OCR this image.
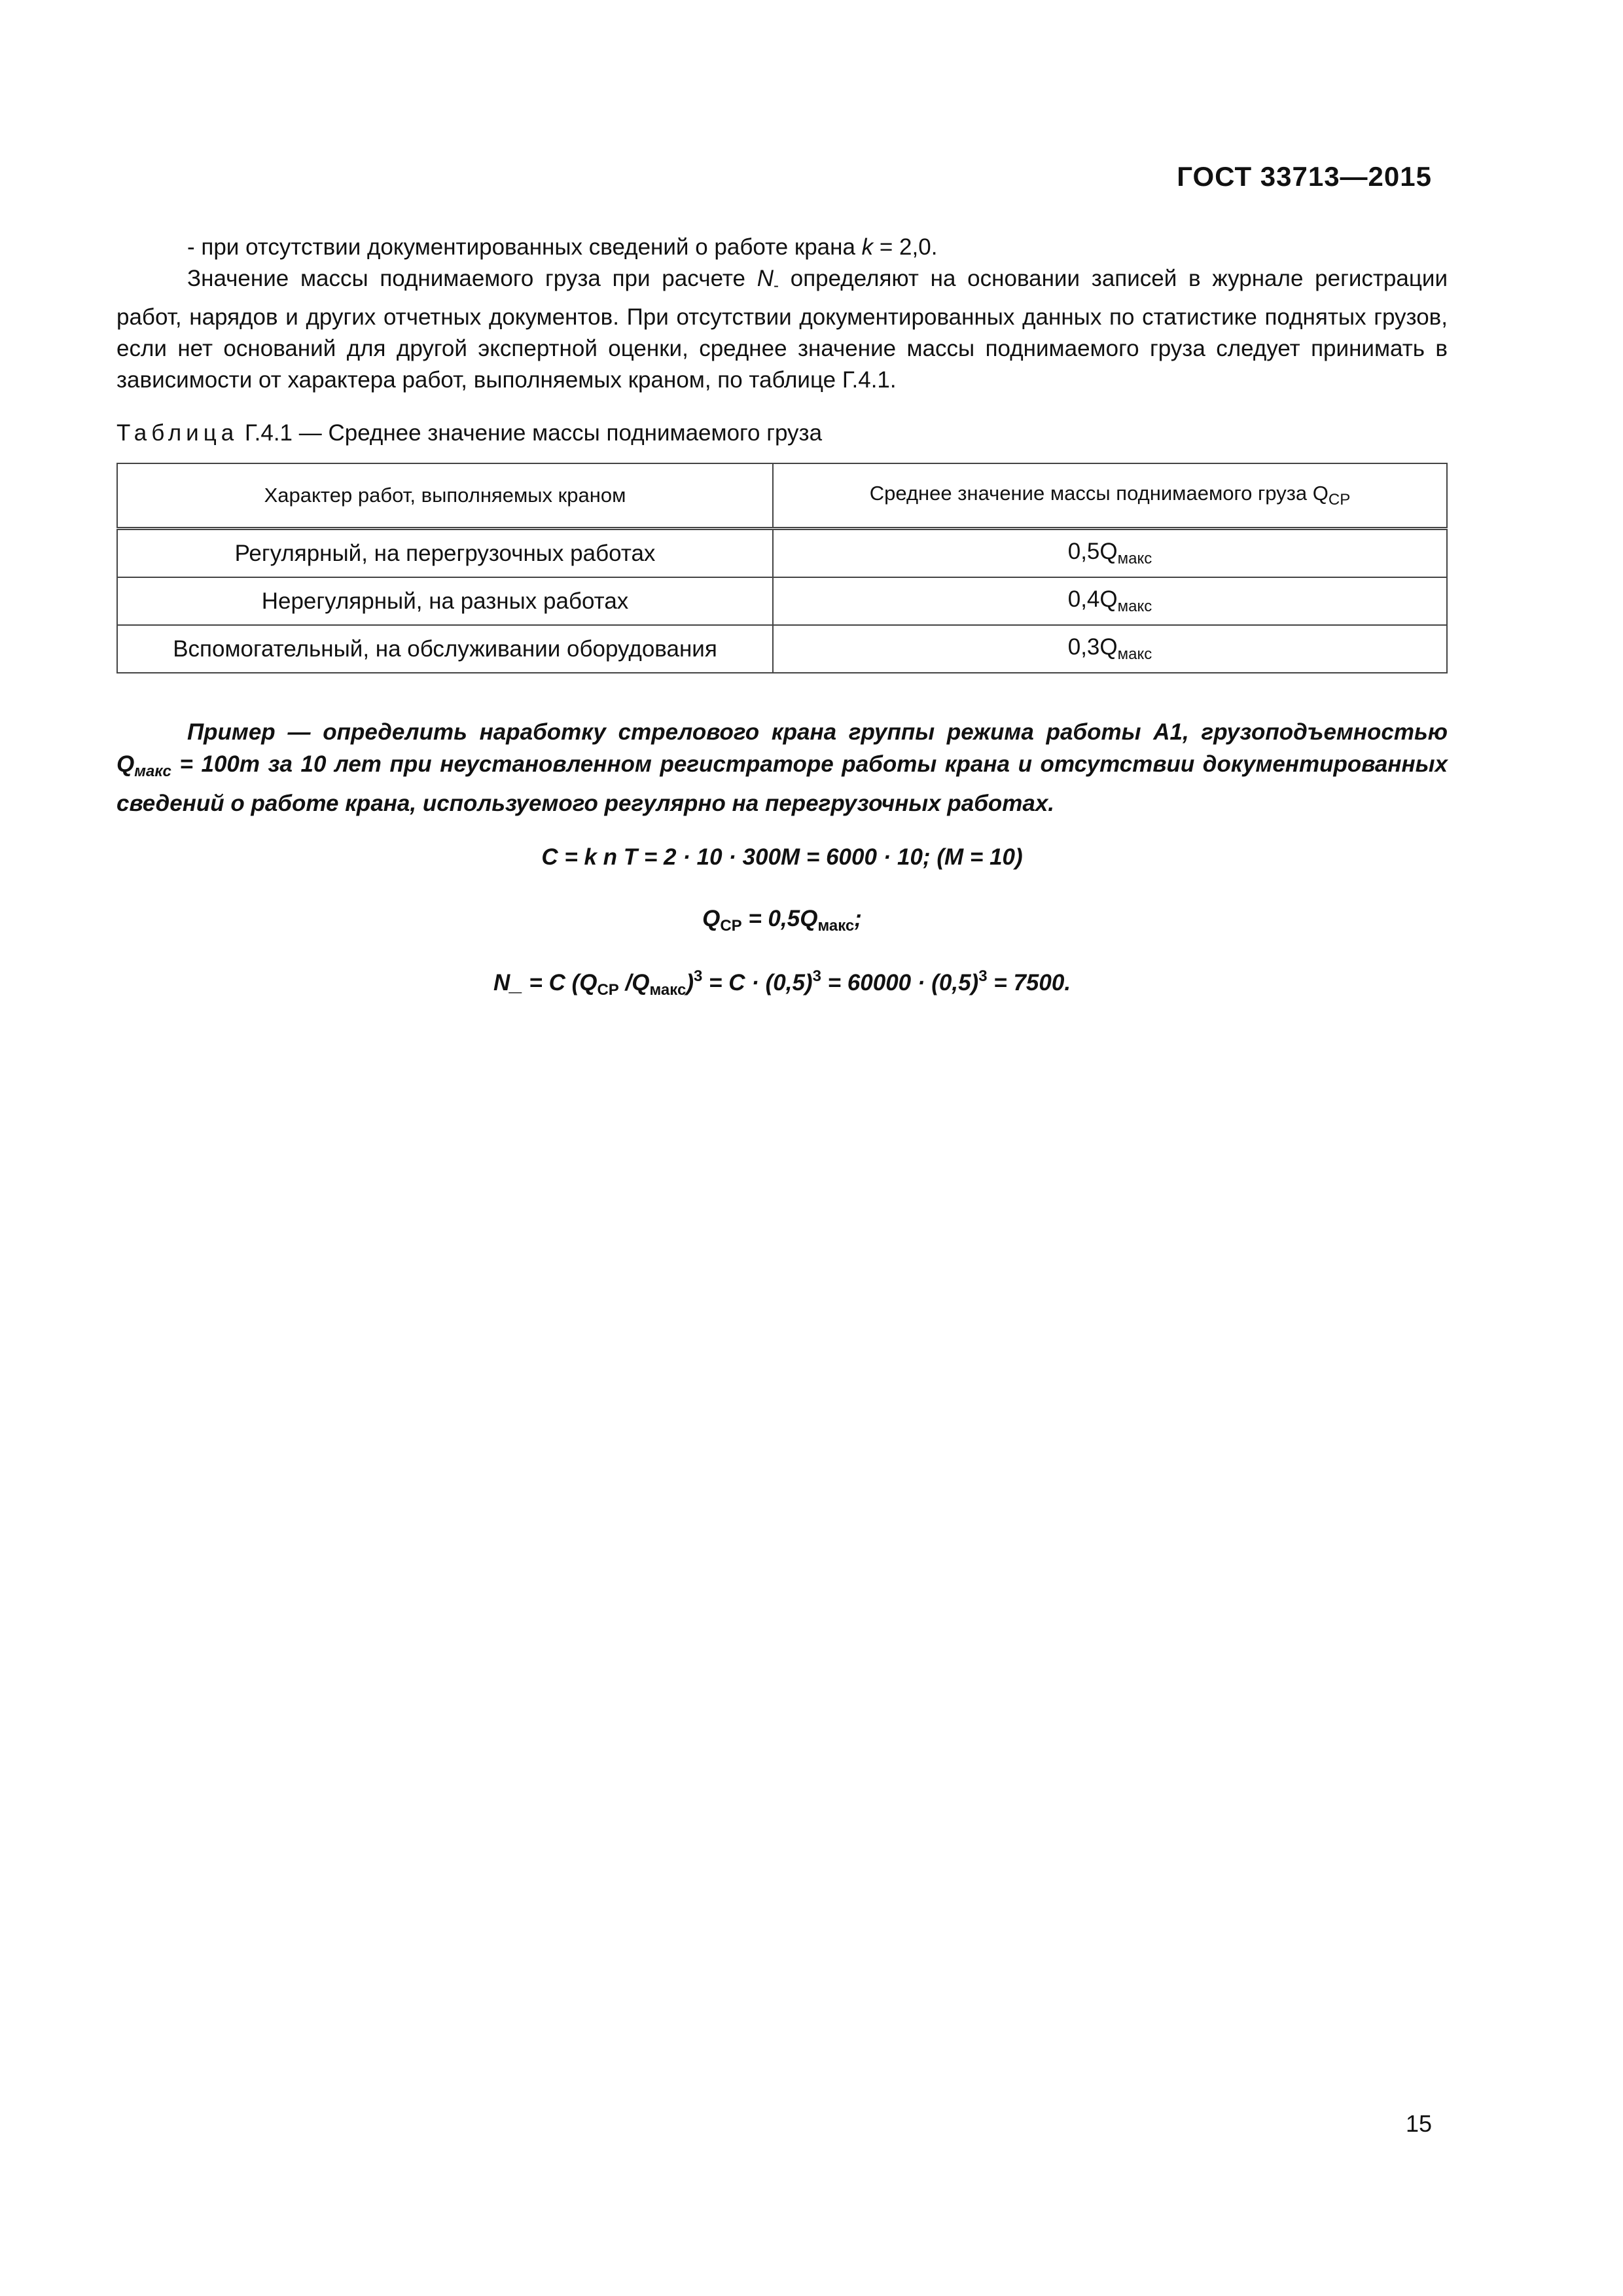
ГОСТ 33713—2015

- при отсутствии документированных сведений о работе крана k = 2,0.

Значение массы поднимаемого груза при расчете $N_-$ определяют на основании записей в журнале регистрации работ, нарядов и других отчетных документов. При отсутствии документированных данных по статистике поднятых грузов, если нет оснований для другой экспертной оценки, среднее значение массы поднимаемого груза следует принимать в зависимости от характера работ, выполняемых краном, по таблице Г.4.1.

Таблица Г.4.1 — Среднее значение массы поднимаемого груза
Характер работ, выполняемых краном	Среднее значение массы поднимаемого груза $Q_{СР}$
Регулярный, на перегрузочных работах	$0,5Q_{макс}$
Нерегулярный, на разных работах	$0,4Q_{макс}$
Вспомогательный, на обслуживании оборудования	$0,3Q_{макс}$
Пример — определить наработку стрелового крана группы режима работы А1, грузоподъемностью $Q_{макс} = 100т$ за 10 лет при неустановленном регистраторе работы крана и отсутствии документированных сведений о работе крана, используемого регулярно на перегрузочных работах.
C = k n T = 2 · 10 · 300M = 6000 · 10; (M = 10)
$Q_{СР} = 0,5Q_{макс}$;
N_ = C ($Q_{СР}$ $/Q_{макс})^3 = C \cdot (0,5)^3 = 60000 \cdot (0,5)^3 = 7500$.
15
